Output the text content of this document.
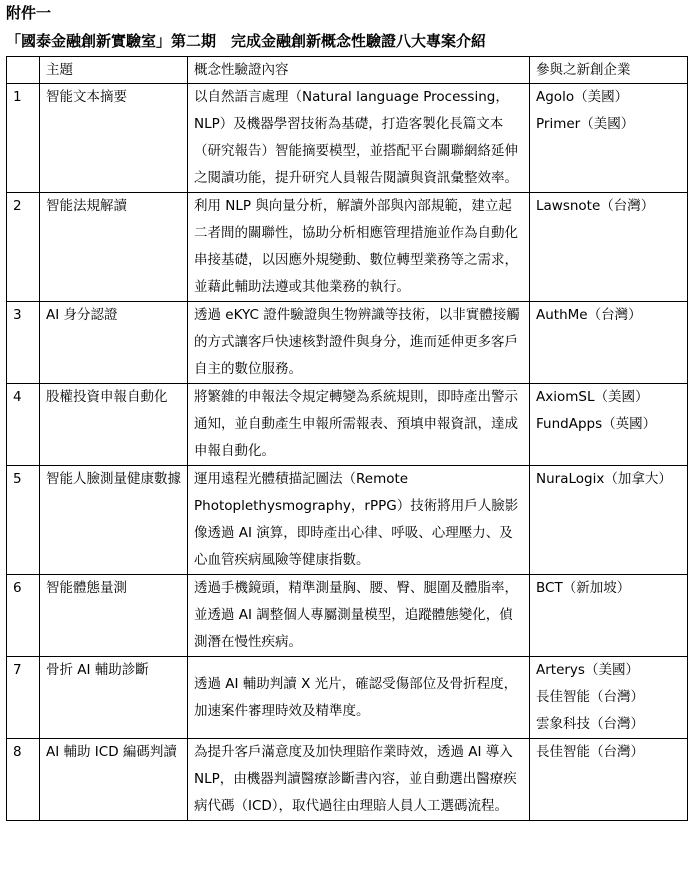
附件一
「國泰金融創新實驗室」第二期　完成金融創新概念性驗證八大專案介紹
	主題	概念性驗證內容	參與之新創企業
1	智能文本摘要	以自然語言處理（Natural language Processing，NLP）及機器學習技術為基礎，打造客製化長篇文本（研究報告）智能摘要模型，並搭配平台關聯網絡延伸之閱讀功能，提升研究人員報告閱讀與資訊彙整效率。	Agolo（美國）
Primer（美國）

2	智能法規解讀	利用 NLP 與向量分析，解讀外部與內部規範，建立起二者間的關聯性，協助分析相應管理措施並作為自動化串接基礎，以因應外規變動、數位轉型業務等之需求，並藉此輔助法遵或其他業務的執行。	Lawsnote（台灣）

3	AI 身分認證	透過 eKYC 證件驗證與生物辨識等技術，以非實體接觸的方式讓客戶快速核對證件與身分，進而延伸更多客戶自主的數位服務。	AuthMe（台灣）

4	股權投資申報自動化	將繁雜的申報法令規定轉變為系統規則，即時產出警示通知，並自動產生申報所需報表、預填申報資訊，達成申報自動化。	AxiomSL（美國）
FundApps（英國）

5	智能人臉測量健康數據	運用遠程光體積描記圖法（Remote Photoplethysmography，rPPG）技術將用戶人臉影像透過 AI 演算，即時產出心律、呼吸、心理壓力、及心血管疾病風險等健康指數。	NuraLogix（加拿大）

6	智能體態量測	透過手機鏡頭，精準測量胸、腰、臀、腿圍及體脂率，並透過 AI 調整個人專屬測量模型，追蹤體態變化，偵測潛在慢性疾病。	BCT（新加坡）

7	骨折 AI 輔助診斷	透過 AI 輔助判讀 X 光片，確認受傷部位及骨折程度，加速案件審理時效及精準度。	Arterys（美國）
長佳智能（台灣）
雲象科技（台灣）

8	AI 輔助 ICD 編碼判讀	為提升客戶滿意度及加快理賠作業時效，透過 AI 導入 NLP，由機器判讀醫療診斷書內容，並自動選出醫療疾病代碼（ICD），取代過往由理賠人員人工選碼流程。	長佳智能（台灣）
